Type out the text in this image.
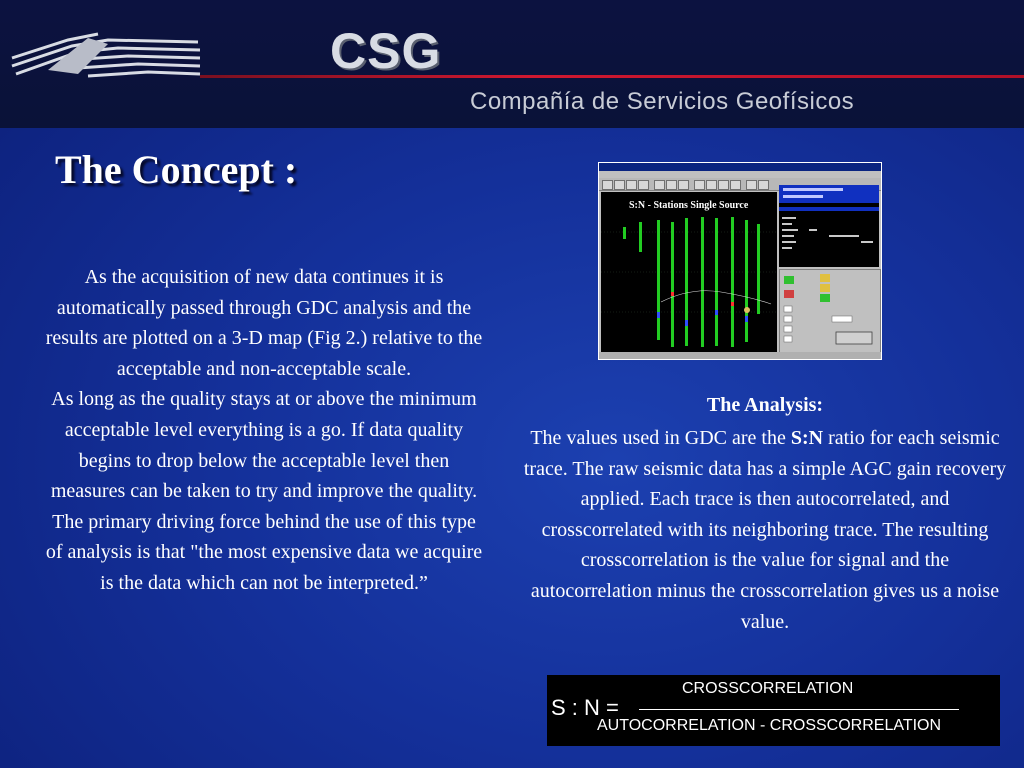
CSG
Compañía de Servicios Geofísicos
The Concept :

As the acquisition of new data continues it is automatically passed through GDC analysis and the results are plotted on a 3-D map (Fig 2.) relative to the acceptable and non-acceptable scale.

As long as the quality stays at or above the minimum acceptable level everything is a go. If data quality begins to drop below the acceptable level then measures can be taken to try and improve the quality.

The primary driving force behind the use of this type of analysis is that "the most expensive data we acquire is the data which can not be interpreted.”

S:N - Stations Single Source
The Analysis:
The values used in GDC are the S:N ratio for each seismic trace. The raw seismic data has a simple AGC gain recovery applied. Each trace is then autocorrelated, and crosscorrelated with its neighboring trace. The resulting crosscorrelation is the value for signal and the autocorrelation minus the crosscorrelation gives us a noise value.
S : N =
CROSSCORRELATION
AUTOCORRELATION - CROSSCORRELATION
